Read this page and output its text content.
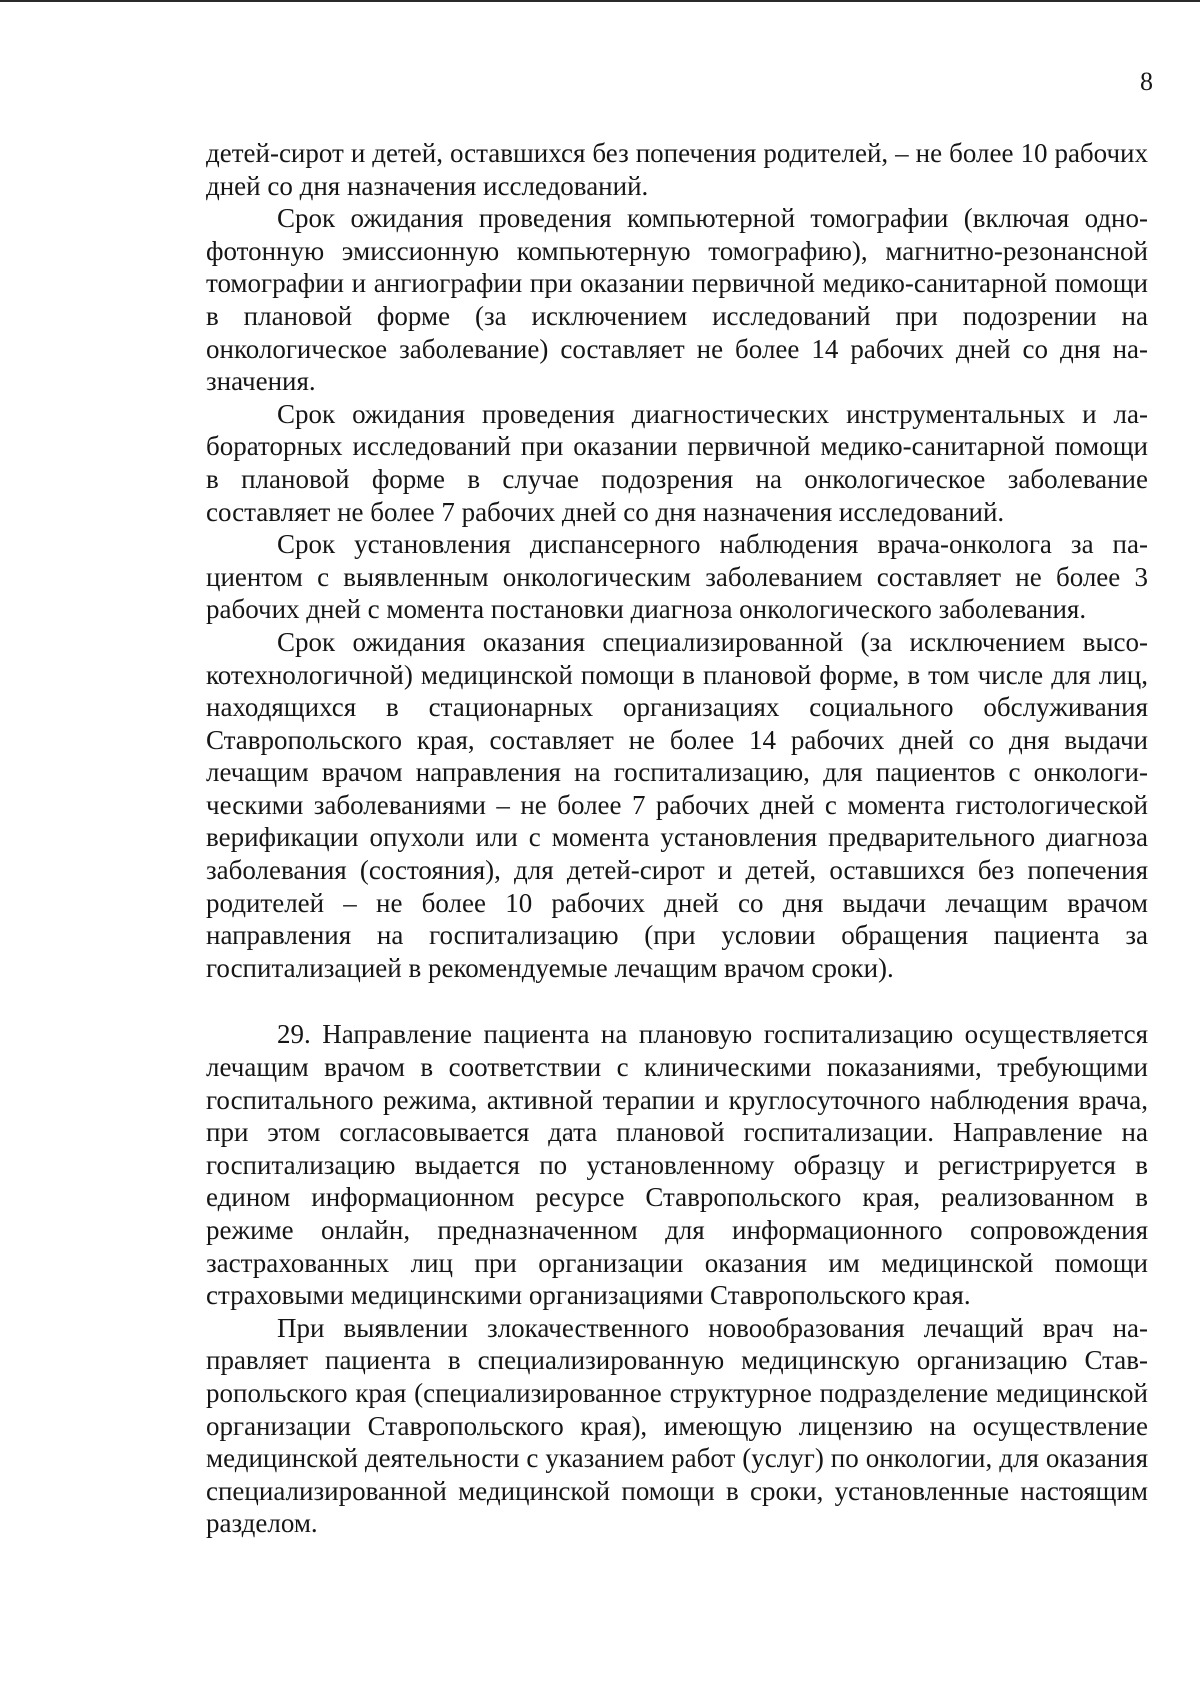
8

детей-сирот и детей, оставшихся без попечения родителей, – не более 10 рабочих дней со дня назначения исследований.

Срок ожидания проведения компьютерной томографии (включая однофотонную эмиссионную компьютерную томографию), магнитно-резонансной томографии и ангиографии при оказании первичной медико-санитарной помощи в плановой форме (за исключением исследований при подозрении на онкологическое заболевание) составляет не более 14 рабочих дней со дня назначения.

Срок ожидания проведения диагностических инструментальных и лабораторных исследований при оказании первичной медико-санитарной помощи в плановой форме в случае подозрения на онкологическое заболевание составляет не более 7 рабочих дней со дня назначения исследований.

Срок установления диспансерного наблюдения врача-онколога за пациентом с выявленным онкологическим заболеванием составляет не более 3 рабочих дней с момента постановки диагноза онкологического заболевания.

Срок ожидания оказания специализированной (за исключением высокотехнологичной) медицинской помощи в плановой форме, в том числе для лиц, находящихся в стационарных организациях социального обслуживания Ставропольского края, составляет не более 14 рабочих дней со дня выдачи лечащим врачом направления на госпитализацию, для пациентов с онкологическими заболеваниями – не более 7 рабочих дней с момента гистологической верификации опухоли или с момента установления предварительного диагноза заболевания (состояния), для детей-сирот и детей, оставшихся без попечения родителей – не более 10 рабочих дней со дня выдачи лечащим врачом направления на госпитализацию (при условии обращения пациента за госпитализацией в рекомендуемые лечащим врачом сроки).

29. Направление пациента на плановую госпитализацию осуществляется лечащим врачом в соответствии с клиническими показаниями, требующими госпитального режима, активной терапии и круглосуточного наблюдения врача, при этом согласовывается дата плановой госпитализации. Направление на госпитализацию выдается по установленному образцу и регистрируется в едином информационном ресурсе Ставропольского края, реализованном в режиме онлайн, предназначенном для информационного сопровождения застрахованных лиц при организации оказания им медицинской помощи страховыми медицинскими организациями Ставропольского края.

При выявлении злокачественного новообразования лечащий врач направляет пациента в специализированную медицинскую организацию Ставропольского края (специализированное структурное подразделение медицинской организации Ставропольского края), имеющую лицензию на осуществление медицинской деятельности с указанием работ (услуг) по онкологии, для оказания специализированной медицинской помощи в сроки, установленные настоящим разделом.
